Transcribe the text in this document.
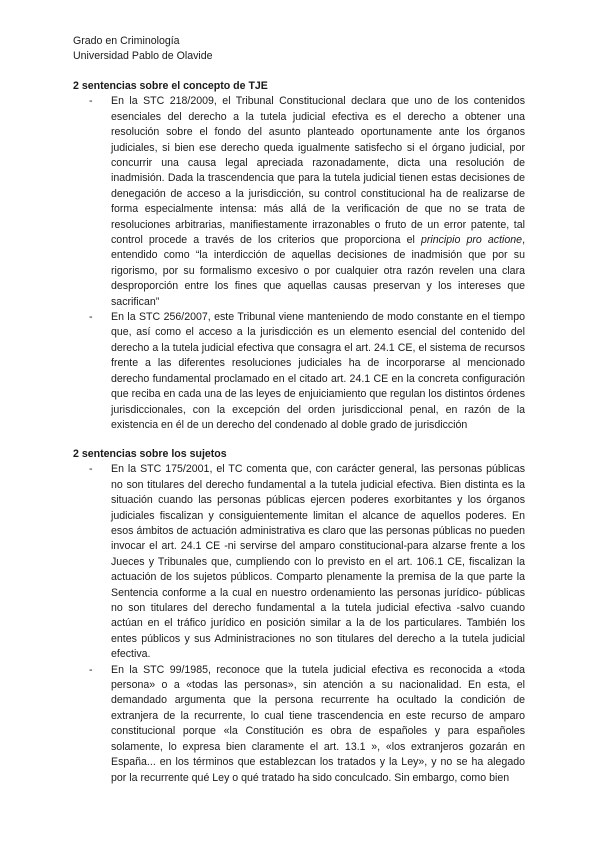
Grado en Criminología
Universidad Pablo de Olavide
2 sentencias sobre el concepto de TJE
- En la STC 218/2009, el Tribunal Constitucional declara que uno de los contenidos esenciales del derecho a la tutela judicial efectiva es el derecho a obtener una resolución sobre el fondo del asunto planteado oportunamente ante los órganos judiciales, si bien ese derecho queda igualmente satisfecho si el órgano judicial, por concurrir una causa legal apreciada razonadamente, dicta una resolución de inadmisión. Dada la trascendencia que para la tutela judicial tienen estas decisiones de denegación de acceso a la jurisdicción, su control constitucional ha de realizarse de forma especialmente intensa: más allá de la verificación de que no se trata de resoluciones arbitrarias, manifiestamente irrazonables o fruto de un error patente, tal control procede a través de los criterios que proporciona el principio pro actione, entendido como “la interdicción de aquellas decisiones de inadmisión que por su rigorismo, por su formalismo excesivo o por cualquier otra razón revelen una clara desproporción entre los fines que aquellas causas preservan y los intereses que sacrifican”
- En la STC 256/2007, este Tribunal viene manteniendo de modo constante en el tiempo que, así como el acceso a la jurisdicción es un elemento esencial del contenido del derecho a la tutela judicial efectiva que consagra el art. 24.1 CE, el sistema de recursos frente a las diferentes resoluciones judiciales ha de incorporarse al mencionado derecho fundamental proclamado en el citado art. 24.1 CE en la concreta configuración que reciba en cada una de las leyes de enjuiciamiento que regulan los distintos órdenes jurisdiccionales, con la excepción del orden jurisdiccional penal, en razón de la existencia en él de un derecho del condenado al doble grado de jurisdicción
2 sentencias sobre los sujetos
- En la STC 175/2001, el TC comenta que, con carácter general, las personas públicas no son titulares del derecho fundamental a la tutela judicial efectiva. Bien distinta es la situación cuando las personas públicas ejercen poderes exorbitantes y los órganos judiciales fiscalizan y consiguientemente limitan el alcance de aquellos poderes. En esos ámbitos de actuación administrativa es claro que las personas públicas no pueden invocar el art. 24.1 CE -ni servirse del amparo constitucional-para alzarse frente a los Jueces y Tribunales que, cumpliendo con lo previsto en el art. 106.1 CE, fiscalizan la actuación de los sujetos públicos. Comparto plenamente la premisa de la que parte la Sentencia conforme a la cual en nuestro ordenamiento las personas jurídico- públicas no son titulares del derecho fundamental a la tutela judicial efectiva -salvo cuando actúan en el tráfico jurídico en posición similar a la de los particulares. También los entes públicos y sus Administraciones no son titulares del derecho a la tutela judicial efectiva.
- En la STC 99/1985, reconoce que la tutela judicial efectiva es reconocida a «toda persona» o a «todas las personas», sin atención a su nacionalidad. En esta, el demandado argumenta que la persona recurrente ha ocultado la condición de extranjera de la recurrente, lo cual tiene trascendencia en este recurso de amparo constitucional porque «la Constitución es obra de españoles y para españoles solamente, lo expresa bien claramente el art. 13.1 », «los extranjeros gozarán en España... en los términos que establezcan los tratados y la Ley», y no se ha alegado por la recurrente qué Ley o qué tratado ha sido conculcado. Sin embargo, como bien
